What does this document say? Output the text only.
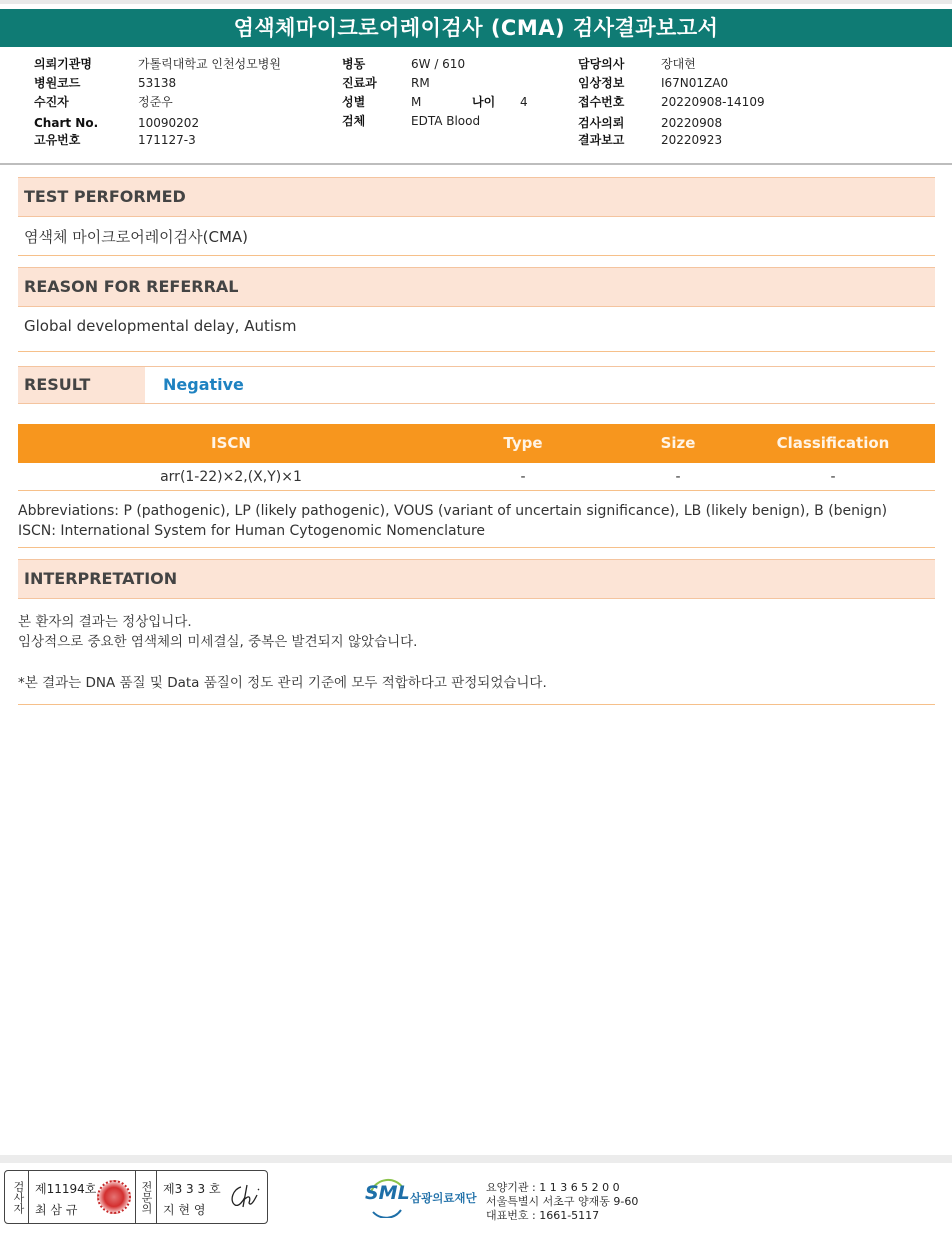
염색체마이크로어레이검사 (CMA) 검사결과보고서
의뢰기관명	가톨릭대학교 인천성모병원
병원코드	53138
수진자	정준우
Chart No.	10090202
고유번호	171127-3
병동	6W / 610
진료과	RM
성별	M	나이 4
검체	EDTA Blood
담당의사	장대현
임상정보	I67N01ZA0
접수번호	20220908-14109
검사의뢰	20220908
결과보고	20220923
TEST PERFORMED
염색체 마이크로어레이검사(CMA)
REASON FOR REFERRAL
Global developmental delay, Autism
RESULT	Negative
ISCN	Type	Size	Classification
arr(1-22)×2,(X,Y)×1	-	-	-
Abbreviations: P (pathogenic), LP (likely pathogenic), VOUS (variant of uncertain significance), LB (likely benign), B (benign)
ISCN: International System for Human Cytogenomic Nomenclature
INTERPRETATION
본 환자의 결과는 정상입니다.
임상적으로 중요한 염색체의 미세결실, 중복은 발견되지 않았습니다.
*본 결과는 DNA 품질 및 Data 품질이 정도 관리 기준에 모두 적합하다고 판정되었습니다.
검사자 제11194호
최 삼 규	전문의 제3 3 3 호
지 현 영
SML 삼광의료재단
요양기관 : 1 1 3 6 5 2 0 0
서울특별시 서초구 양재동 9-60
대표번호 : 1661-5117
